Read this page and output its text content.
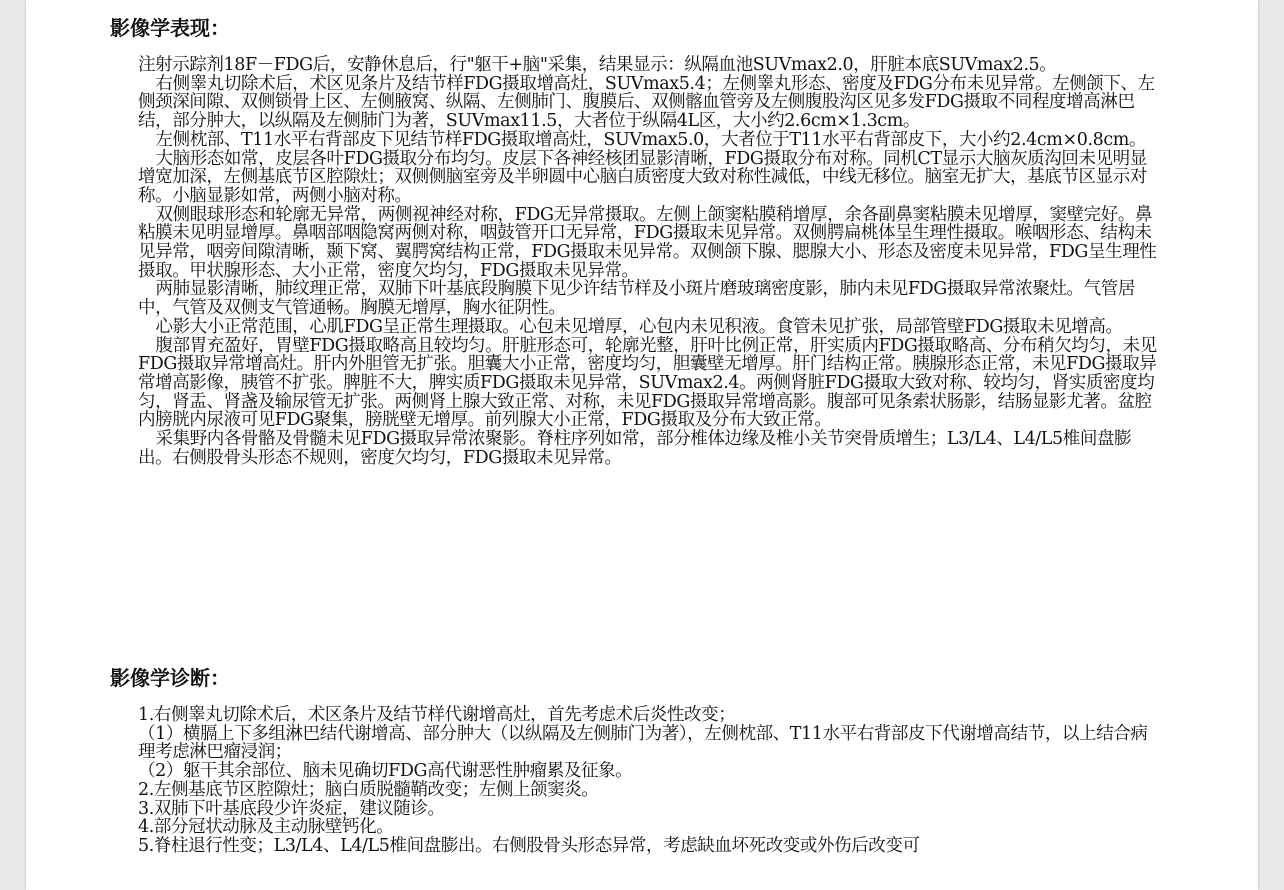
影像学表现：

注射示踪剂18F－FDG后，安静休息后，行"躯干+脑"采集，结果显示：纵隔血池SUVmax2.0，肝脏本底SUVmax2.5。

右侧睾丸切除术后，术区见条片及结节样FDG摄取增高灶，SUVmax5.4；左侧睾丸形态、密度及FDG分布未见异常。左侧颌下、左侧颈深间隙、双侧锁骨上区、左侧腋窝、纵隔、左侧肺门、腹膜后、双侧髂血管旁及左侧腹股沟区见多发FDG摄取不同程度增高淋巴结，部分肿大，以纵隔及左侧肺门为著，SUVmax11.5，大者位于纵隔4L区，大小约2.6cm×1.3cm。

左侧枕部、T11水平右背部皮下见结节样FDG摄取增高灶，SUVmax5.0，大者位于T11水平右背部皮下，大小约2.4cm×0.8cm。

大脑形态如常，皮层各叶FDG摄取分布均匀。皮层下各神经核团显影清晰，FDG摄取分布对称。同机CT显示大脑灰质沟回未见明显增宽加深，左侧基底节区腔隙灶；双侧侧脑室旁及半卵圆中心脑白质密度大致对称性减低，中线无移位。脑室无扩大，基底节区显示对称。小脑显影如常，两侧小脑对称。

双侧眼球形态和轮廓无异常，两侧视神经对称，FDG无异常摄取。左侧上颌窦粘膜稍增厚，余各副鼻窦粘膜未见增厚，窦壁完好。鼻粘膜未见明显增厚。鼻咽部咽隐窝两侧对称，咽鼓管开口无异常，FDG摄取未见异常。双侧腭扁桃体呈生理性摄取。喉咽形态、结构未见异常，咽旁间隙清晰，颞下窝、翼腭窝结构正常，FDG摄取未见异常。双侧颌下腺、腮腺大小、形态及密度未见异常，FDG呈生理性摄取。甲状腺形态、大小正常，密度欠均匀，FDG摄取未见异常。

两肺显影清晰，肺纹理正常，双肺下叶基底段胸膜下见少许结节样及小斑片磨玻璃密度影，肺内未见FDG摄取异常浓聚灶。气管居中，气管及双侧支气管通畅。胸膜无增厚，胸水征阴性。

心影大小正常范围，心肌FDG呈正常生理摄取。心包未见增厚，心包内未见积液。食管未见扩张，局部管壁FDG摄取未见增高。

腹部胃充盈好，胃壁FDG摄取略高且较均匀。肝脏形态可，轮廓光整，肝叶比例正常，肝实质内FDG摄取略高、分布稍欠均匀，未见FDG摄取异常增高灶。肝内外胆管无扩张。胆囊大小正常，密度均匀，胆囊壁无增厚。肝门结构正常。胰腺形态正常，未见FDG摄取异常增高影像，胰管不扩张。脾脏不大，脾实质FDG摄取未见异常，SUVmax2.4。两侧肾脏FDG摄取大致对称、较均匀，肾实质密度均匀，肾盂、肾盏及输尿管无扩张。两侧肾上腺大致正常、对称，未见FDG摄取异常增高影。腹部可见条索状肠影，结肠显影尤著。盆腔内膀胱内尿液可见FDG聚集，膀胱壁无增厚。前列腺大小正常，FDG摄取及分布大致正常。

采集野内各骨骼及骨髓未见FDG摄取异常浓聚影。脊柱序列如常，部分椎体边缘及椎小关节突骨质增生；L3/L4、L4/L5椎间盘膨出。右侧股骨头形态不规则，密度欠均匀，FDG摄取未见异常。

影像学诊断：

1.右侧睾丸切除术后，术区条片及结节样代谢增高灶，首先考虑术后炎性改变；

（1）横膈上下多组淋巴结代谢增高、部分肿大（以纵隔及左侧肺门为著），左侧枕部、T11水平右背部皮下代谢增高结节，以上结合病理考虑淋巴瘤浸润；

（2）躯干其余部位、脑未见确切FDG高代谢恶性肿瘤累及征象。

2.左侧基底节区腔隙灶；脑白质脱髓鞘改变；左侧上颌窦炎。

3.双肺下叶基底段少许炎症，建议随诊。

4.部分冠状动脉及主动脉壁钙化。

5.脊柱退行性变；L3/L4、L4/L5椎间盘膨出。右侧股骨头形态异常，考虑缺血坏死改变或外伤后改变可
